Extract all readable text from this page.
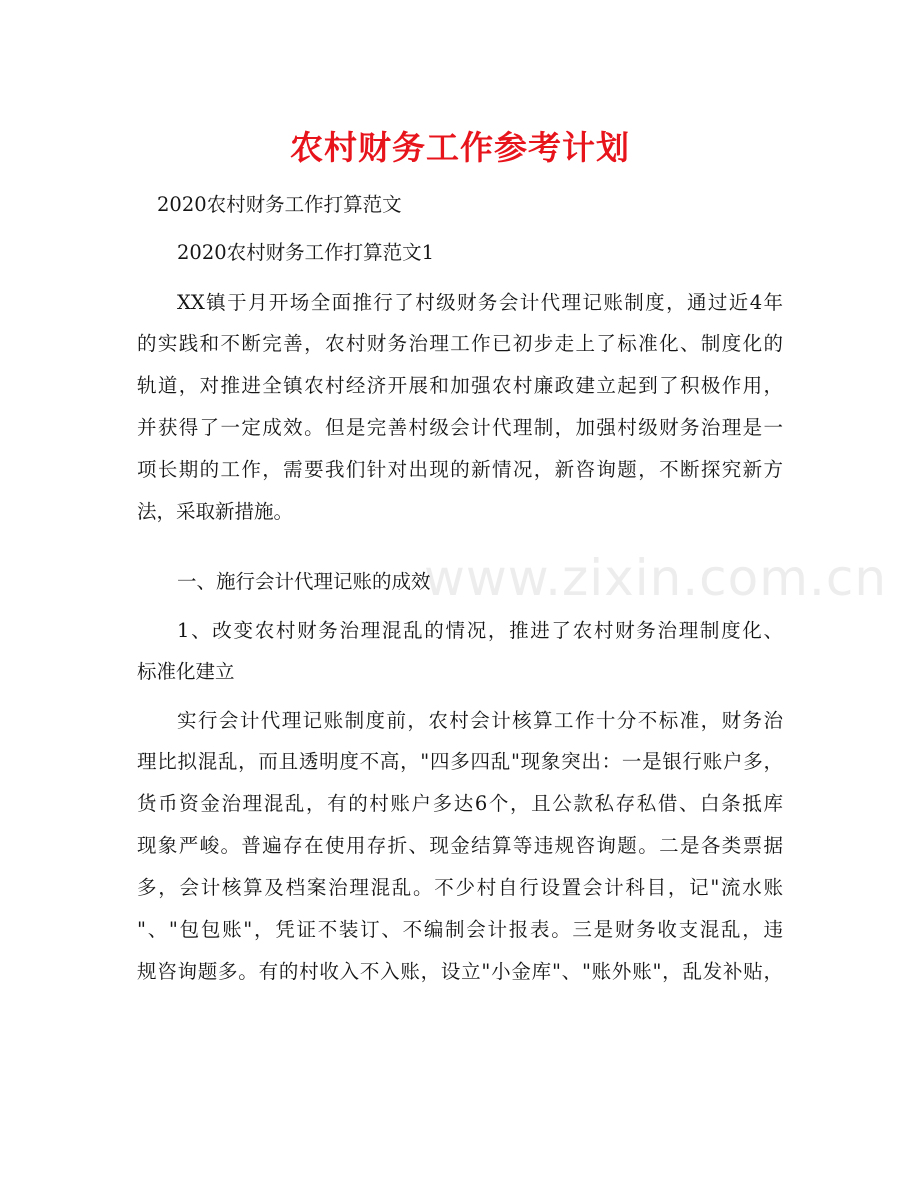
www.zixin.com.cn
农村财务工作参考计划
2020农村财务工作打算范文
2020农村财务工作打算范文1
XX镇于月开场全面推行了村级财务会计代理记账制度，通过近4年
的实践和不断完善，农村财务治理工作已初步走上了标准化、制度化的
轨道，对推进全镇农村经济开展和加强农村廉政建立起到了积极作用，
并获得了一定成效。但是完善村级会计代理制，加强村级财务治理是一
项长期的工作，需要我们针对出现的新情况，新咨询题，不断探究新方
法，采取新措施。
一、施行会计代理记账的成效
1、改变农村财务治理混乱的情况，推进了农村财务治理制度化、
标准化建立
实行会计代理记账制度前，农村会计核算工作十分不标准，财务治
理比拟混乱，而且透明度不高，"四多四乱"现象突出：一是银行账户多，
货币资金治理混乱，有的村账户多达6个，且公款私存私借、白条抵库
现象严峻。普遍存在使用存折、现金结算等违规咨询题。二是各类票据
多，会计核算及档案治理混乱。不少村自行设置会计科目，记"流水账
"、"包包账"，凭证不装订、不编制会计报表。三是财务收支混乱，违
规咨询题多。有的村收入不入账，设立"小金库"、"账外账"，乱发补贴，
